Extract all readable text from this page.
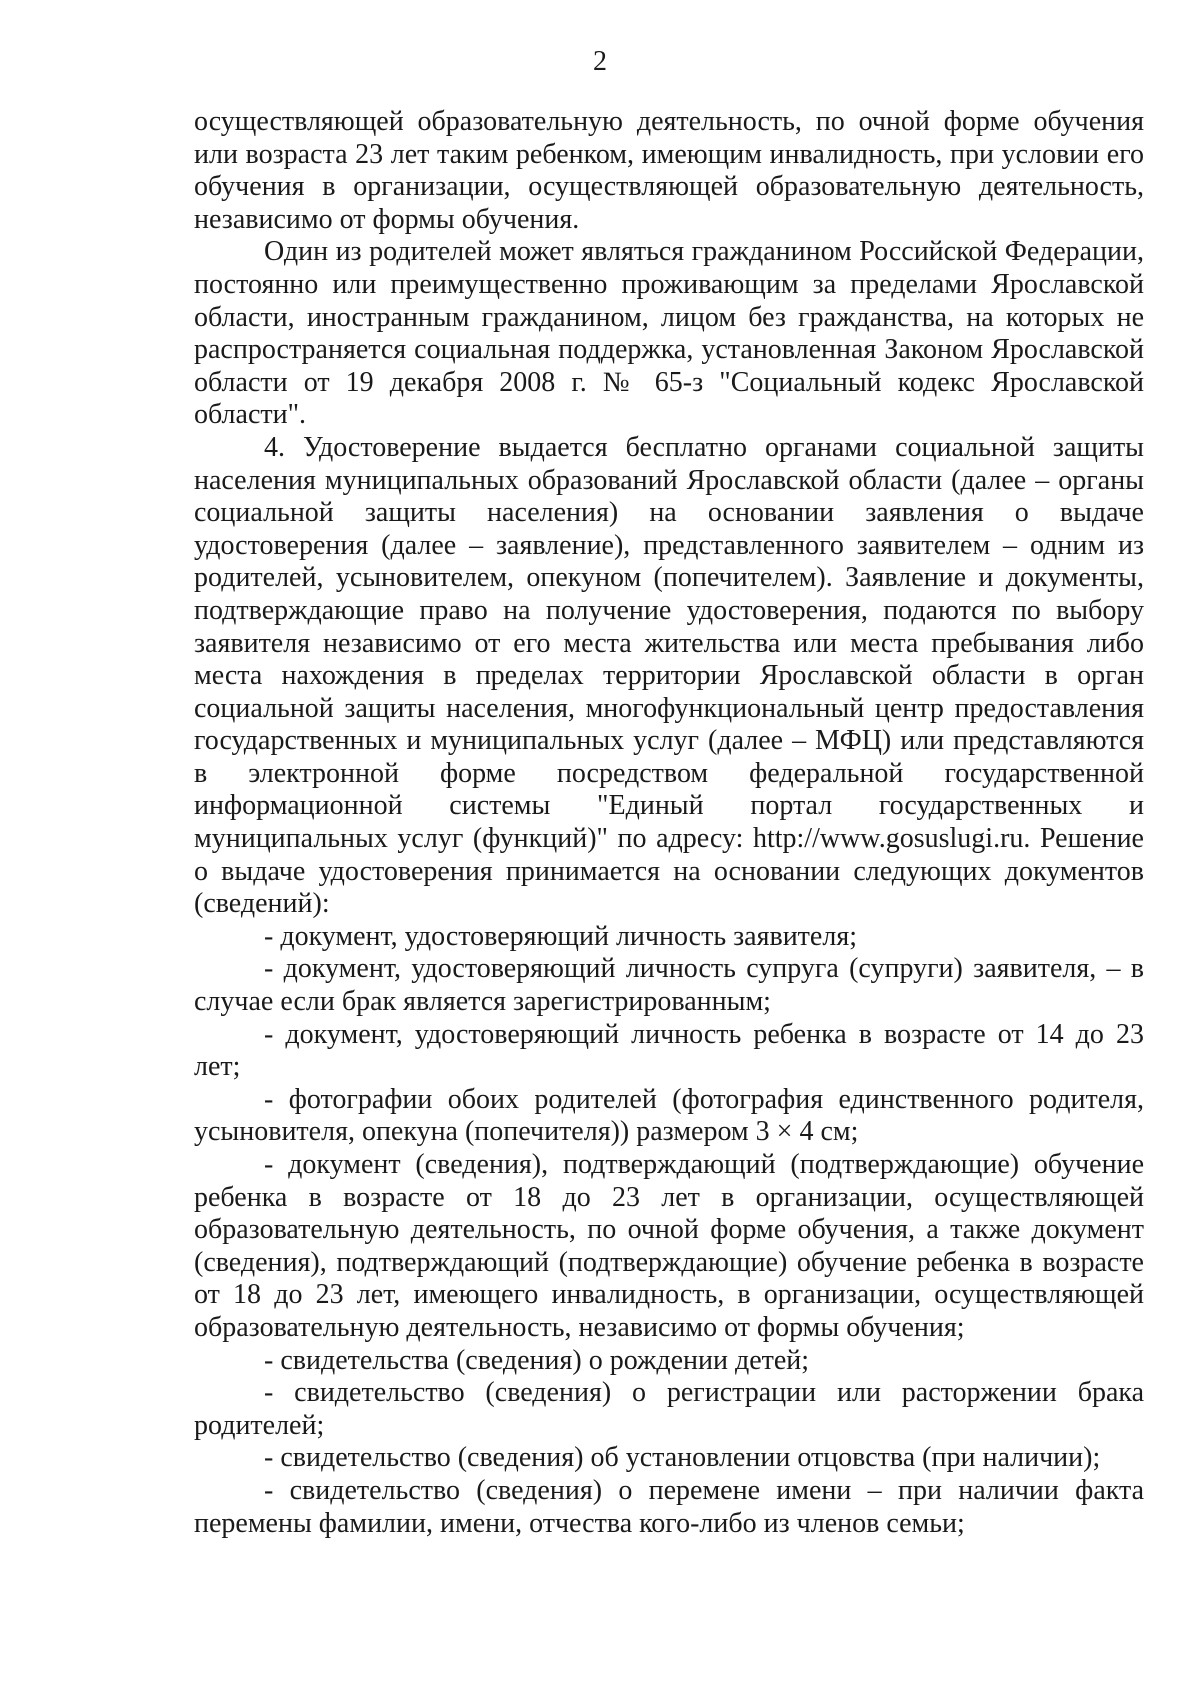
2

осуществляющей образовательную деятельность, по очной форме обучения или возраста 23 лет таким ребенком, имеющим инвалидность, при условии его обучения в организации, осуществляющей образовательную деятельность, независимо от формы обучения.

Один из родителей может являться гражданином Российской Федерации, постоянно или преимущественно проживающим за пределами Ярославской области, иностранным гражданином, лицом без гражданства, на которых не распространяется социальная поддержка, установленная Законом Ярославской области от 19 декабря 2008 г. № 65-з "Социальный кодекс Ярославской области".

4. Удостоверение выдается бесплатно органами социальной защиты населения муниципальных образований Ярославской области (далее – органы социальной защиты населения) на основании заявления о выдаче удостоверения (далее – заявление), представленного заявителем – одним из родителей, усыновителем, опекуном (попечителем). Заявление и документы, подтверждающие право на получение удостоверения, подаются по выбору заявителя независимо от его места жительства или места пребывания либо места нахождения в пределах территории Ярославской области в орган социальной защиты населения, многофункциональный центр предоставления государственных и муниципальных услуг (далее – МФЦ) или представляются в электронной форме посредством федеральной государственной информационной системы "Единый портал государственных и муниципальных услуг (функций)" по адресу: http://www.gosuslugi.ru. Решение о выдаче удостоверения принимается на основании следующих документов (сведений):

- документ, удостоверяющий личность заявителя;

- документ, удостоверяющий личность супруга (супруги) заявителя, – в случае если брак является зарегистрированным;

- документ, удостоверяющий личность ребенка в возрасте от 14 до 23 лет;

- фотографии обоих родителей (фотография единственного родителя, усыновителя, опекуна (попечителя)) размером 3 × 4 см;

- документ (сведения), подтверждающий (подтверждающие) обучение ребенка в возрасте от 18 до 23 лет в организации, осуществляющей образовательную деятельность, по очной форме обучения, а также документ (сведения), подтверждающий (подтверждающие) обучение ребенка в возрасте от 18 до 23 лет, имеющего инвалидность, в организации, осуществляющей образовательную деятельность, независимо от формы обучения;

- свидетельства (сведения) о рождении детей;

- свидетельство (сведения) о регистрации или расторжении брака родителей;

- свидетельство (сведения) об установлении отцовства (при наличии);

- свидетельство (сведения) о перемене имени – при наличии факта перемены фамилии, имени, отчества кого-либо из членов семьи;
